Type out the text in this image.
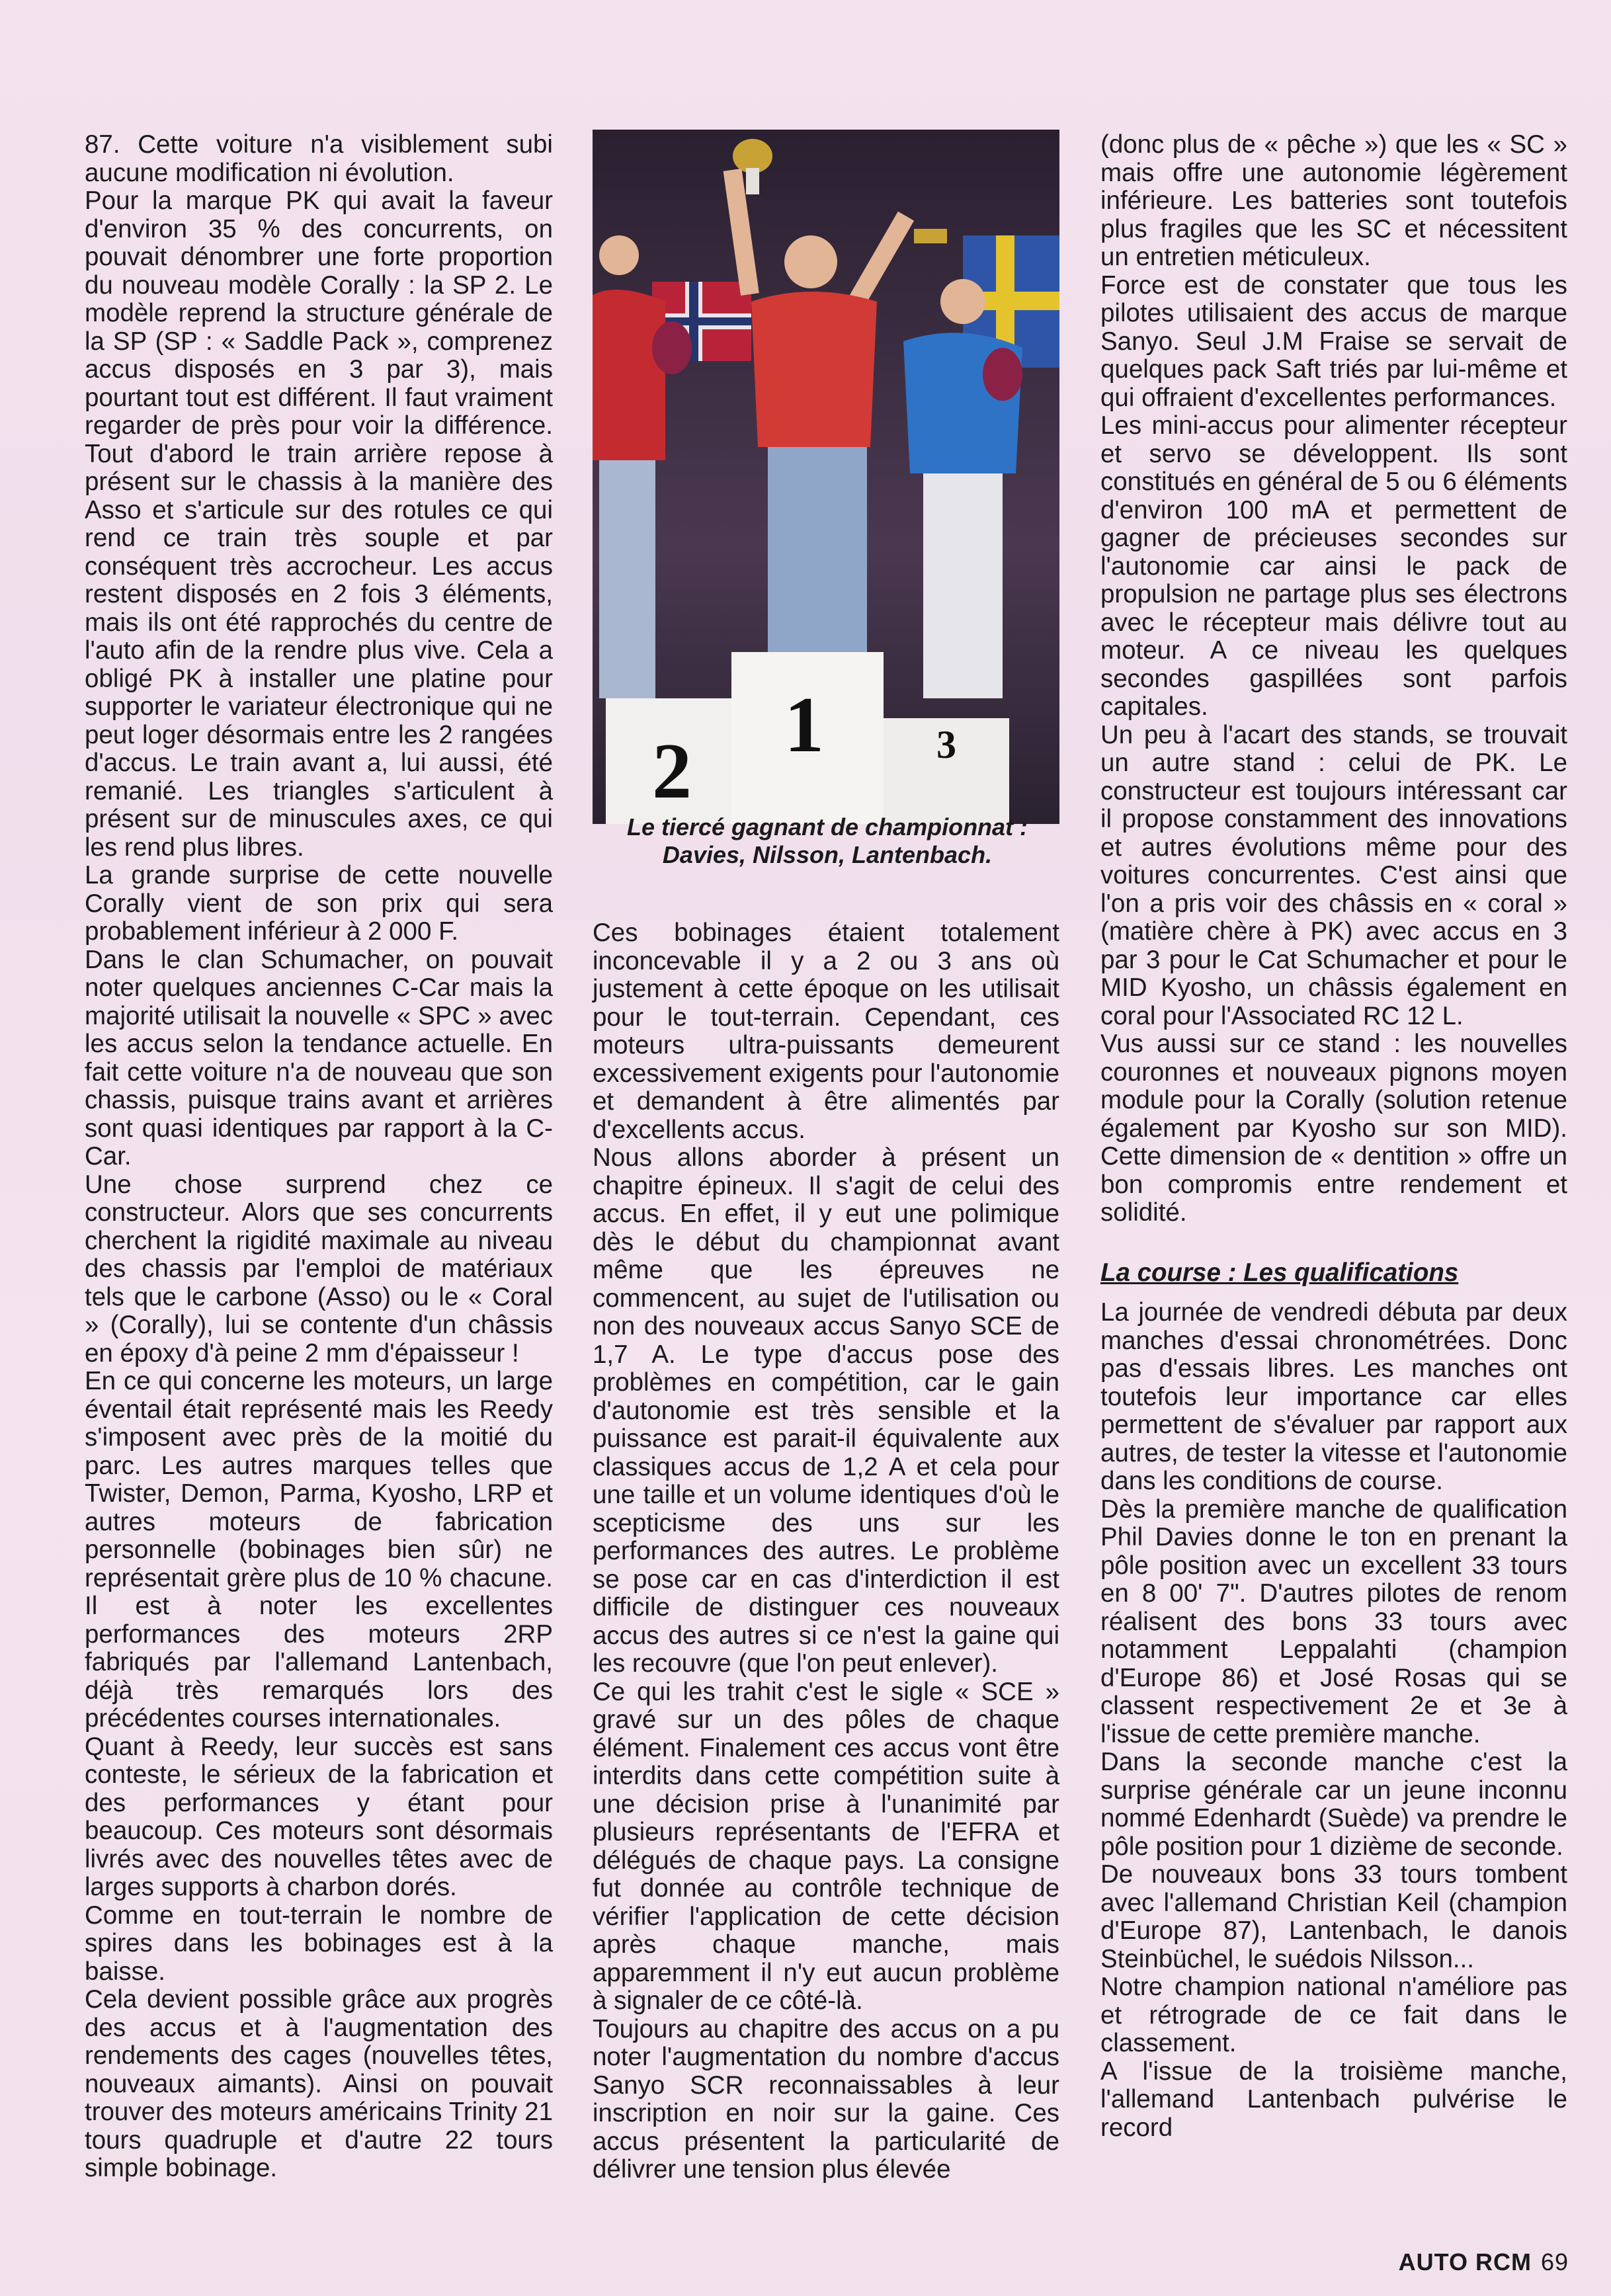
87. Cette voiture n'a visiblement subi aucune modification ni évolution.

Pour la marque PK qui avait la faveur d'environ 35 % des concurrents, on pouvait dénombrer une forte proportion du nouveau modèle Corally : la SP 2. Le modèle reprend la structure générale de la SP (SP : « Saddle Pack », comprenez accus disposés en 3 par 3), mais pourtant tout est différent. Il faut vraiment regarder de près pour voir la différence. Tout d'abord le train arrière repose à présent sur le chassis à la manière des Asso et s'articule sur des rotules ce qui rend ce train très souple et par conséquent très accrocheur. Les accus restent disposés en 2 fois 3 éléments, mais ils ont été rapprochés du centre de l'auto afin de la rendre plus vive. Cela a obligé PK à installer une platine pour supporter le variateur électronique qui ne peut loger désormais entre les 2 rangées d'accus. Le train avant a, lui aussi, été remanié. Les triangles s'articulent à présent sur de minuscules axes, ce qui les rend plus libres.

La grande surprise de cette nouvelle Corally vient de son prix qui sera probablement inférieur à 2 000 F.

Dans le clan Schumacher, on pouvait noter quelques anciennes C-Car mais la majorité utilisait la nouvelle « SPC » avec les accus selon la tendance actuelle. En fait cette voiture n'a de nouveau que son chassis, puisque trains avant et arrières sont quasi identiques par rapport à la C-Car.

Une chose surprend chez ce constructeur. Alors que ses concurrents cherchent la rigidité maximale au niveau des chassis par l'emploi de matériaux tels que le carbone (Asso) ou le « Coral » (Corally), lui se contente d'un châssis en époxy d'à peine 2 mm d'épaisseur !

En ce qui concerne les moteurs, un large éventail était représenté mais les Reedy s'imposent avec près de la moitié du parc. Les autres marques telles que Twister, Demon, Parma, Kyosho, LRP et autres moteurs de fabrication personnelle (bobinages bien sûr) ne représentait grère plus de 10 % chacune. Il est à noter les excellentes performances des moteurs 2RP fabriqués par l'allemand Lantenbach, déjà très remarqués lors des précédentes courses internationales.

Quant à Reedy, leur succès est sans conteste, le sérieux de la fabrication et des performances y étant pour beaucoup. Ces moteurs sont désormais livrés avec des nouvelles têtes avec de larges supports à charbon dorés.

Comme en tout-terrain le nombre de spires dans les bobinages est à la baisse.

Cela devient possible grâce aux progrès des accus et à l'augmentation des rendements des cages (nouvelles têtes, nouveaux aimants). Ainsi on pouvait trouver des moteurs américains Trinity 21 tours quadruple et d'autre 22 tours simple bobinage.

2
1	3
Le tiercé gagnant de championnat : Davies, Nilsson, Lantenbach.

Ces bobinages étaient totalement inconcevable il y a 2 ou 3 ans où justement à cette époque on les utilisait pour le tout-terrain. Cependant, ces moteurs ultra-puissants demeurent excessivement exigents pour l'autonomie et demandent à être alimentés par d'excellents accus.

Nous allons aborder à présent un chapitre épineux. Il s'agit de celui des accus. En effet, il y eut une polimique dès le début du championnat avant même que les épreuves ne commencent, au sujet de l'utilisation ou non des nouveaux accus Sanyo SCE de 1,7 A. Le type d'accus pose des problèmes en compétition, car le gain d'autonomie est très sensible et la puissance est parait-il équivalente aux classiques accus de 1,2 A et cela pour une taille et un volume identiques d'où le scepticisme des uns sur les performances des autres. Le problème se pose car en cas d'interdiction il est difficile de distinguer ces nouveaux accus des autres si ce n'est la gaine qui les recouvre (que l'on peut enlever).

Ce qui les trahit c'est le sigle « SCE » gravé sur un des pôles de chaque élément. Finalement ces accus vont être interdits dans cette compétition suite à une décision prise à l'unanimité par plusieurs représentants de l'EFRA et délégués de chaque pays. La consigne fut donnée au contrôle technique de vérifier l'application de cette décision après chaque manche, mais apparemment il n'y eut aucun problème à signaler de ce côté-là.

Toujours au chapitre des accus on a pu noter l'augmentation du nombre d'accus Sanyo SCR reconnaissables à leur inscription en noir sur la gaine. Ces accus présentent la particularité de délivrer une tension plus élevée

(donc plus de « pêche ») que les « SC » mais offre une autonomie légèrement inférieure. Les batteries sont toutefois plus fragiles que les SC et nécessitent un entretien méticuleux.

Force est de constater que tous les pilotes utilisaient des accus de marque Sanyo. Seul J.M Fraise se servait de quelques pack Saft triés par lui-même et qui offraient d'excellentes performances.

Les mini-accus pour alimenter récepteur et servo se développent. Ils sont constitués en général de 5 ou 6 éléments d'environ 100 mA et permettent de gagner de précieuses secondes sur l'autonomie car ainsi le pack de propulsion ne partage plus ses électrons avec le récepteur mais délivre tout au moteur. A ce niveau les quelques secondes gaspillées sont parfois capitales.

Un peu à l'acart des stands, se trouvait un autre stand : celui de PK. Le constructeur est toujours intéressant car il propose constamment des innovations et autres évolutions même pour des voitures concurrentes. C'est ainsi que l'on a pris voir des châssis en « coral » (matière chère à PK) avec accus en 3 par 3 pour le Cat Schumacher et pour le MID Kyosho, un châssis également en coral pour l'Associated RC 12 L.

Vus aussi sur ce stand : les nouvelles couronnes et nouveaux pignons moyen module pour la Corally (solution retenue également par Kyosho sur son MID). Cette dimension de « dentition » offre un bon compromis entre rendement et solidité.

La course : Les qualifications

La journée de vendredi débuta par deux manches d'essai chronométrées. Donc pas d'essais libres. Les manches ont toutefois leur importance car elles permettent de s'évaluer par rapport aux autres, de tester la vitesse et l'autonomie dans les conditions de course.

Dès la première manche de qualification Phil Davies donne le ton en prenant la pôle position avec un excellent 33 tours en 8 00' 7". D'autres pilotes de renom réalisent des bons 33 tours avec notamment Leppalahti (champion d'Europe 86) et José Rosas qui se classent respectivement 2e et 3e à l'issue de cette première manche.

Dans la seconde manche c'est la surprise générale car un jeune inconnu nommé Edenhardt (Suède) va prendre le pôle position pour 1 dizième de seconde.

De nouveaux bons 33 tours tombent avec l'allemand Christian Keil (champion d'Europe 87), Lantenbach, le danois Steinbüchel, le suédois Nilsson...

Notre champion national n'améliore pas et rétrograde de ce fait dans le classement.

A l'issue de la troisième manche, l'allemand Lantenbach pulvérise le record

AUTO RCM 69
